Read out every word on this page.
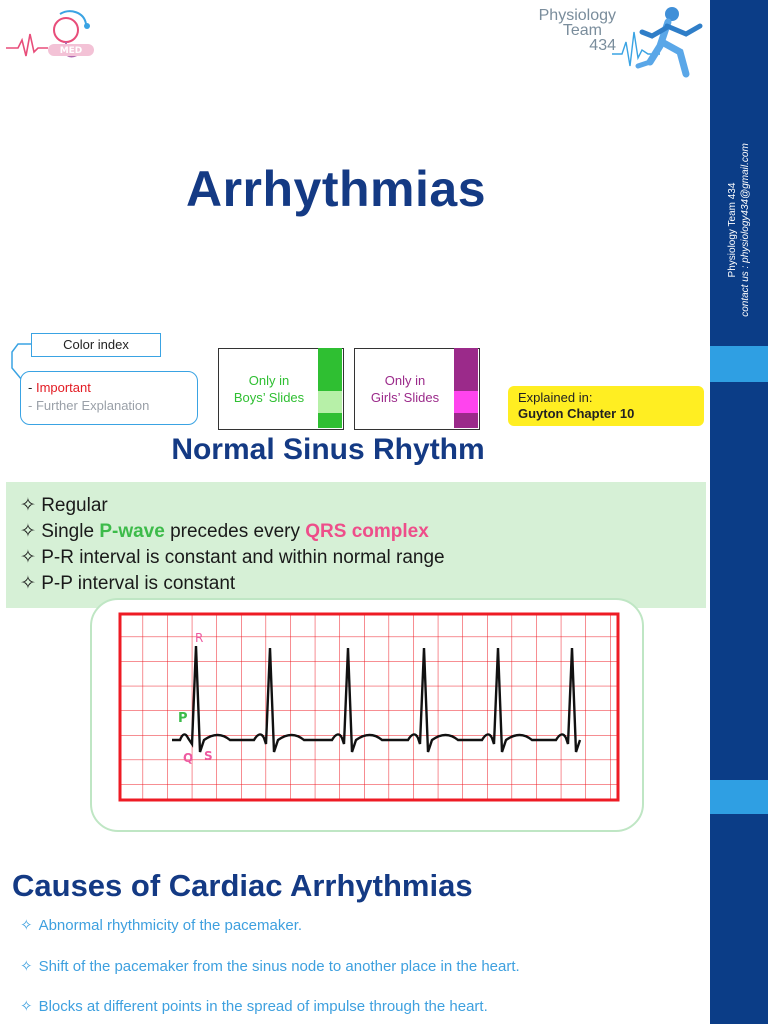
Physiology Team 434 contact us : physiology434@gmail.com
MED
Physiology
Team
434
Arrhythmias
Color index
- Important
- Further Explanation
Only in
Boys’ Slides
Only in
Girls’ Slides	Explained in:
Guyton Chapter 10
Normal Sinus Rhythm
✧ Regular
✧ Single P-wave precedes every QRS complex
✧ P-R interval is constant and within normal range
✧ P-P interval is constant
R
P
Q S
Causes of Cardiac Arrhythmias
✧ Abnormal rhythmicity of the pacemaker.
✧ Shift of the pacemaker from the sinus node to another place in the heart.
✧ Blocks at different points in the spread of impulse through the heart.
